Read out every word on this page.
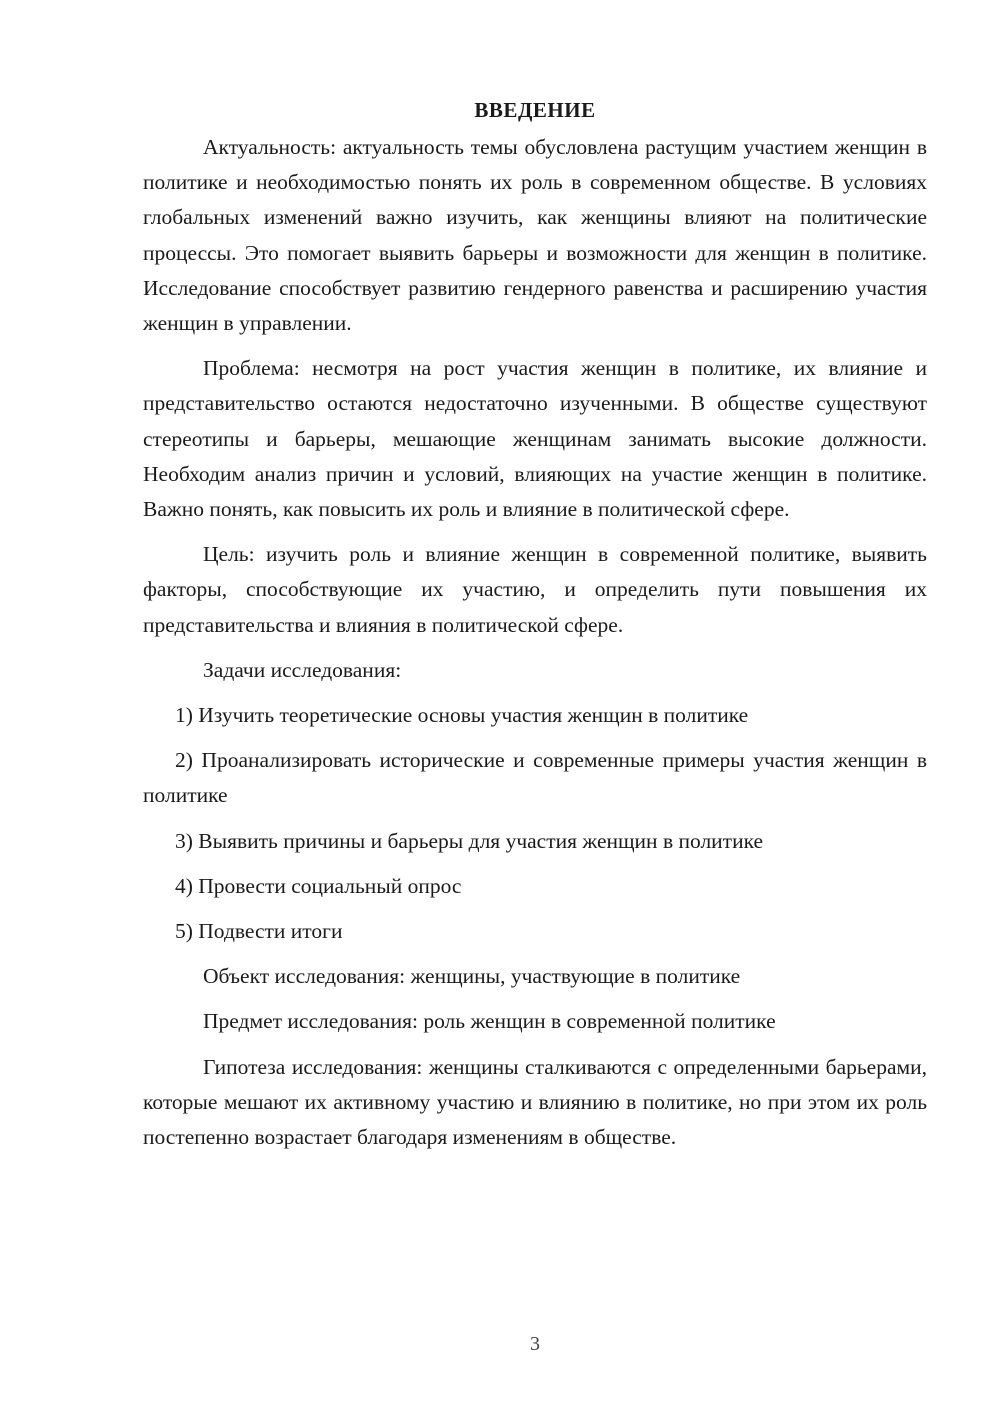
ВВЕДЕНИЕ

Актуальность: актуальность темы обусловлена растущим участием женщин в политике и необходимостью понять их роль в современном обществе. В условиях глобальных изменений важно изучить, как женщины влияют на политические процессы. Это помогает выявить барьеры и возможности для женщин в политике. Исследование способствует развитию гендерного равенства и расширению участия женщин в управлении.

Проблема: несмотря на рост участия женщин в политике, их влияние и представительство остаются недостаточно изученными. В обществе существуют стереотипы и барьеры, мешающие женщинам занимать высокие должности. Необходим анализ причин и условий, влияющих на участие женщин в политике. Важно понять, как повысить их роль и влияние в политической сфере.

Цель: изучить роль и влияние женщин в современной политике, выявить факторы, способствующие их участию, и определить пути повышения их представительства и влияния в политической сфере.

Задачи исследования:

1) Изучить теоретические основы участия женщин в политике

2) Проанализировать исторические и современные примеры участия женщин в политике

3) Выявить причины и барьеры для участия женщин в политике

4) Провести социальный опрос

5) Подвести итоги

Объект исследования: женщины, участвующие в политике

Предмет исследования: роль женщин в современной политике

Гипотеза исследования: женщины сталкиваются с определенными барьерами, которые мешают их активному участию и влиянию в политике, но при этом их роль постепенно возрастает благодаря изменениям в обществе.

3
